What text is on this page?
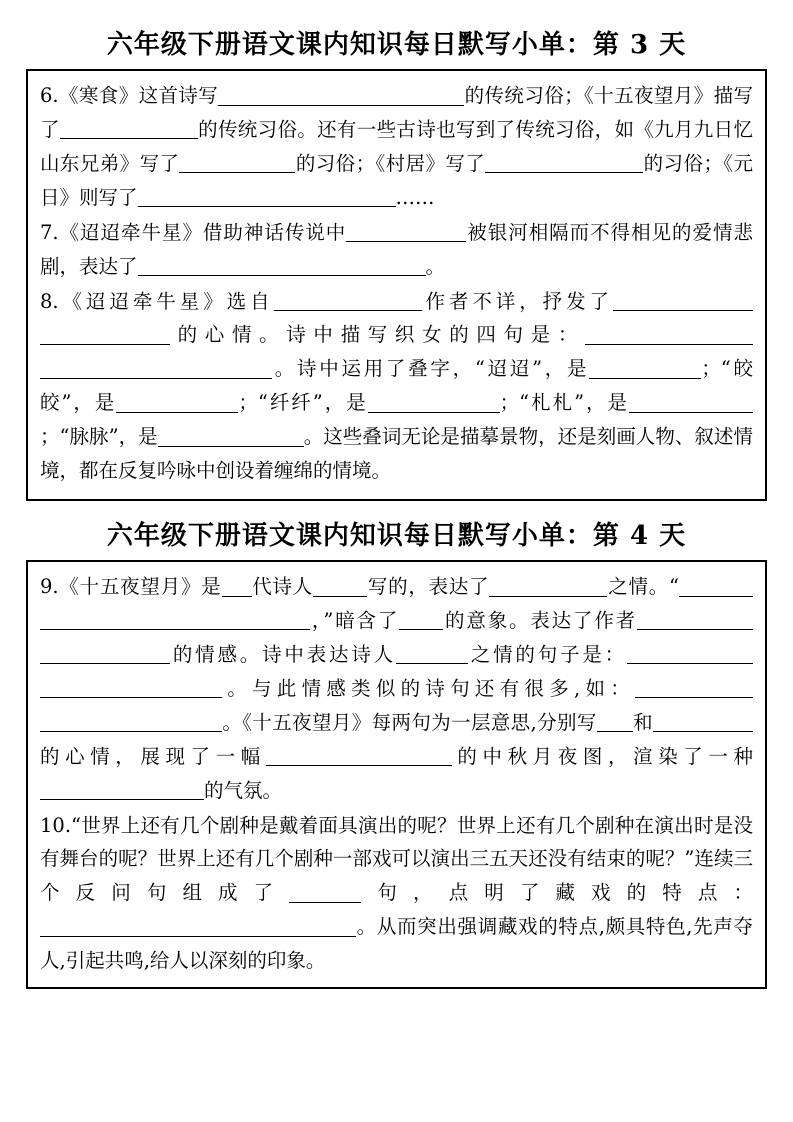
六年级下册语文课内知识每日默写小单：第 3 天
6.《寒食》这首诗写	的传统习俗；《十五夜望月》描写了	的传统习俗。还有一些古诗也写到了传统习俗，如《九月九日忆山东兄弟》写了	的习俗；《村居》写了	的习俗；《元日》则写了	……
7.《迢迢牵牛星》借助神话传说中	被银河相隔而不得相见的爱情悲剧，表达了	。
8.《迢迢牵牛星》选自	作者不详，抒发了的心情。诗中描写织女的四句是：。诗中运用了叠字，“迢迢”，是	；“皎皎”，是	；“纤纤”，是	；“札札”，是；“脉脉”，是	。这些叠词无论是描摹景物，还是刻画人物、叙述情境，都在反复吟咏中创设着缠绵的情境。
六年级下册语文课内知识每日默写小单：第 4 天
9.《十五夜望月》是 代诗人	写的，表达了	之情。“，”暗含了 的意象。表达了作者的情感。诗中表达诗人	之情的句子是：。与此情感类似的诗句还有很多,如：。《十五夜望月》每两句为一层意思,分别写 和的心情，展现了一幅	的中秋月夜图，渲染了一种的气氛。
10.“世界上还有几个剧种是戴着面具演出的呢？世界上还有几个剧种在演出时是没有舞台的呢？世界上还有几个剧种一部戏可以演出三五天还没有结束的呢？”连续三个反问句组成了	句，点明了藏戏的特点：。从而突出强调藏戏的特点,颇具特色,先声夺人,引起共鸣,给人以深刻的印象。
